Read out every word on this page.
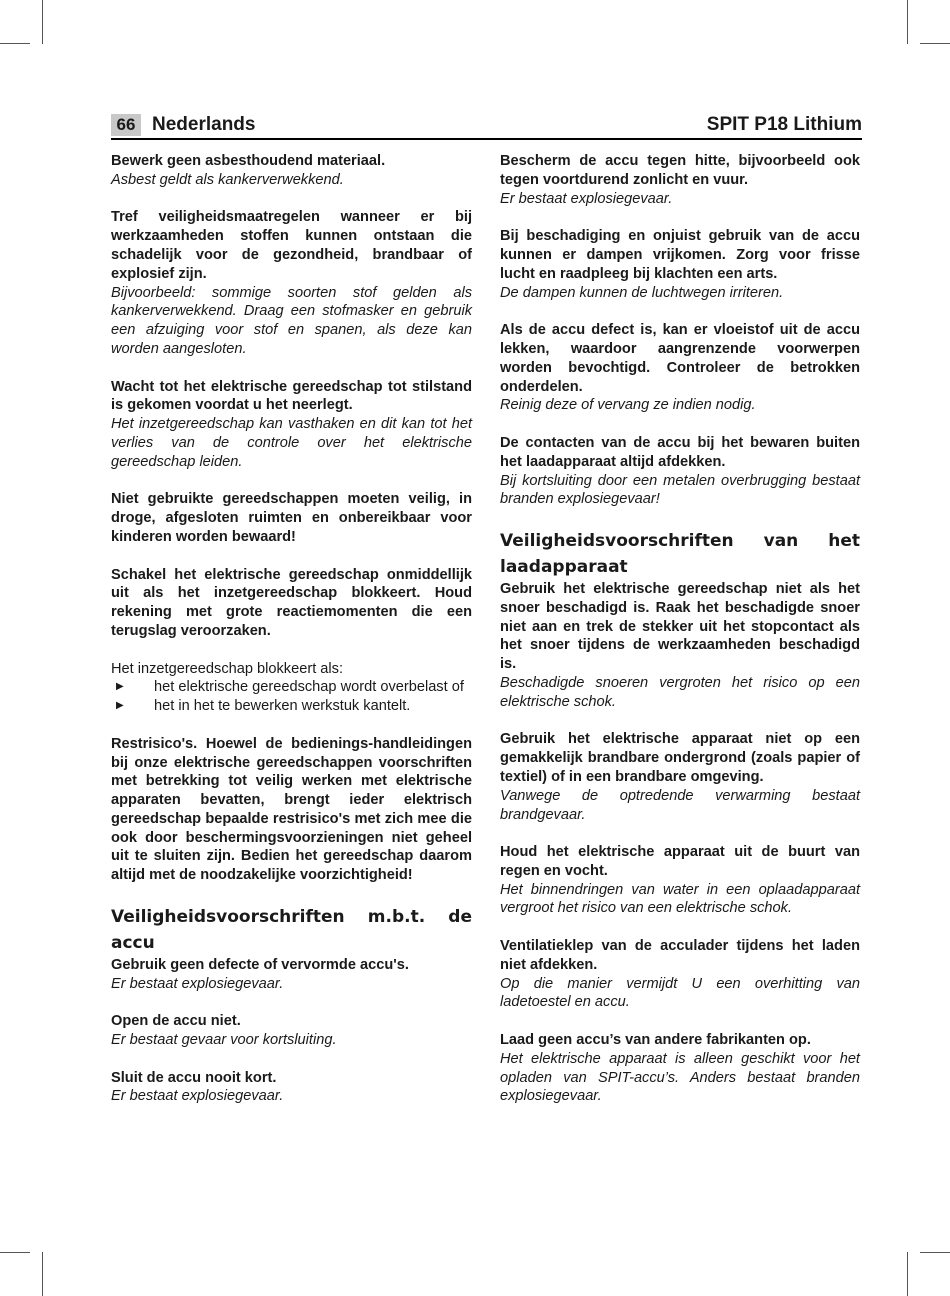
66 Nederlands	SPIT P18 Lithium
Bewerk geen asbesthoudend materiaal.
Asbest geldt als kankerverwekkend.
Tref veiligheidsmaatregelen wanneer er bij werkzaamheden stoffen kunnen ontstaan die schadelijk voor de gezondheid, brandbaar of explosief zijn.
Bijvoorbeeld: sommige soorten stof gelden als kankerverwekkend. Draag een stofmasker en gebruik een afzuiging voor stof en spanen, als deze kan worden aangesloten.
Wacht tot het elektrische gereedschap tot stilstand is gekomen voordat u het neerlegt.
Het inzetgereedschap kan vasthaken en dit kan tot het verlies van de controle over het elektrische gereedschap leiden.
Niet gebruikte gereedschappen moeten veilig, in droge, afgesloten ruimten en onbereikbaar voor kinderen worden bewaard!
Schakel het elektrische gereedschap onmiddellijk uit als het inzetgereedschap blokkeert. Houd rekening met grote reactiemomenten die een terugslag veroorzaken.
Het inzetgereedschap blokkeert als:
▶ het elektrische gereedschap wordt overbelast of
▶ het in het te bewerken werkstuk kantelt.
Restrisico's. Hoewel de bedienings-handleidingen bij onze elektrische gereedschappen voorschriften met betrekking tot veilig werken met elektrische apparaten bevatten, brengt ieder elektrisch gereedschap bepaalde restrisico's met zich mee die ook door beschermingsvoorzieningen niet geheel uit te sluiten zijn. Bedien het gereedschap daarom altijd met de noodzakelijke voorzichtigheid!
Veiligheidsvoorschriften m.b.t. de
accu
Gebruik geen defecte of vervormde accu's.
Er bestaat explosiegevaar.
Open de accu niet.
Er bestaat gevaar voor kortsluiting.
Sluit de accu nooit kort.
Er bestaat explosiegevaar.
Bescherm de accu tegen hitte, bijvoorbeeld ook tegen voortdurend zonlicht en vuur.
Er bestaat explosiegevaar.
Bij beschadiging en onjuist gebruik van de accu kunnen er dampen vrijkomen. Zorg voor frisse lucht en raadpleeg bij klachten een arts.
De dampen kunnen de luchtwegen irriteren.
Als de accu defect is, kan er vloeistof uit de accu lekken, waardoor aangrenzende voorwerpen worden bevochtigd. Controleer de betrokken onderdelen.
Reinig deze of vervang ze indien nodig.
De contacten van de accu bij het bewaren buiten het laadapparaat altijd afdekken.
Bij kortsluiting door een metalen overbrugging bestaat branden explosiegevaar!
Veiligheidsvoorschriften van het
laadapparaat
Gebruik het elektrische gereedschap niet als het snoer beschadigd is. Raak het beschadigde snoer niet aan en trek de stekker uit het stopcontact als het snoer tijdens de werkzaamheden beschadigd is.
Beschadigde snoeren vergroten het risico op een elektrische schok.
Gebruik het elektrische apparaat niet op een gemakkelijk brandbare ondergrond (zoals papier of textiel) of in een brandbare omgeving.
Vanwege de optredende verwarming bestaat brandgevaar.
Houd het elektrische apparaat uit de buurt van regen en vocht.
Het binnendringen van water in een oplaadapparaat vergroot het risico van een elektrische schok.
Ventilatieklep van de acculader tijdens het laden niet afdekken.
Op die manier vermijdt U een overhitting van ladetoestel en accu.
Laad geen accu’s van andere fabrikanten op.
Het elektrische apparaat is alleen geschikt voor het opladen van SPIT-accu’s. Anders bestaat branden explosiegevaar.
